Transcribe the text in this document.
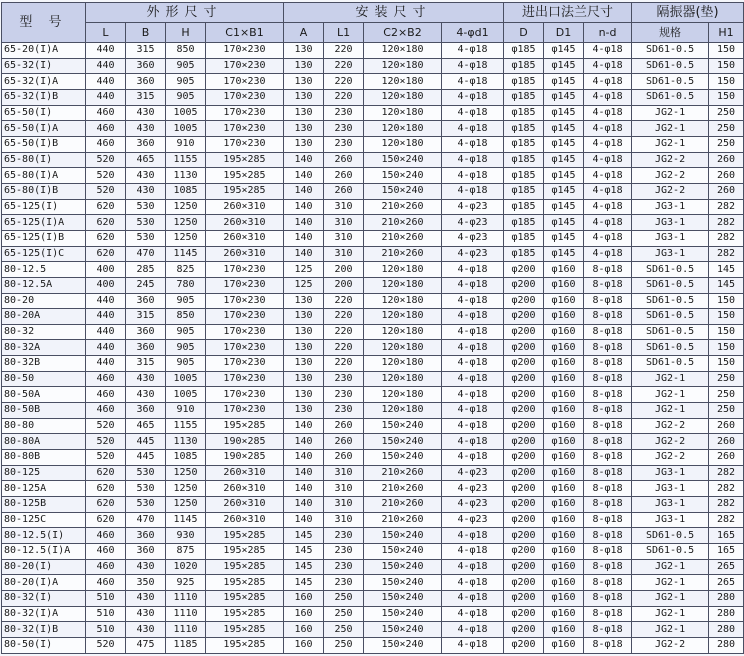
型 号	外形尺寸				安装尺寸				进出口法兰尺寸			隔振器(垫)	
	L	B	H	C1×B1	A	L1	C2×B2	4-φd1	D	D1	n-d	规格	H1
65-20(I)A	440	315	850	170×230	130	220	120×180	4-φ18	φ185	φ145	4-φ18	SD61-0.5	150
65-32(I)	440	360	905	170×230	130	220	120×180	4-φ18	φ185	φ145	4-φ18	SD61-0.5	150
65-32(I)A	440	360	905	170×230	130	220	120×180	4-φ18	φ185	φ145	4-φ18	SD61-0.5	150
65-32(I)B	440	315	905	170×230	130	220	120×180	4-φ18	φ185	φ145	4-φ18	SD61-0.5	150
65-50(I)	460	430	1005	170×230	130	230	120×180	4-φ18	φ185	φ145	4-φ18	JG2-1	250
65-50(I)A	460	430	1005	170×230	130	230	120×180	4-φ18	φ185	φ145	4-φ18	JG2-1	250
65-50(I)B	460	360	910	170×230	130	230	120×180	4-φ18	φ185	φ145	4-φ18	JG2-1	250
65-80(I)	520	465	1155	195×285	140	260	150×240	4-φ18	φ185	φ145	4-φ18	JG2-2	260
65-80(I)A	520	430	1130	195×285	140	260	150×240	4-φ18	φ185	φ145	4-φ18	JG2-2	260
65-80(I)B	520	430	1085	195×285	140	260	150×240	4-φ18	φ185	φ145	4-φ18	JG2-2	260
65-125(I)	620	530	1250	260×310	140	310	210×260	4-φ23	φ185	φ145	4-φ18	JG3-1	282
65-125(I)A	620	530	1250	260×310	140	310	210×260	4-φ23	φ185	φ145	4-φ18	JG3-1	282
65-125(I)B	620	530	1250	260×310	140	310	210×260	4-φ23	φ185	φ145	4-φ18	JG3-1	282
65-125(I)C	620	470	1145	260×310	140	310	210×260	4-φ23	φ185	φ145	4-φ18	JG3-1	282
80-12.5	400	285	825	170×230	125	200	120×180	4-φ18	φ200	φ160	8-φ18	SD61-0.5	145
80-12.5A	400	245	780	170×230	125	200	120×180	4-φ18	φ200	φ160	8-φ18	SD61-0.5	145
80-20	440	360	905	170×230	130	220	120×180	4-φ18	φ200	φ160	8-φ18	SD61-0.5	150
80-20A	440	315	850	170×230	130	220	120×180	4-φ18	φ200	φ160	8-φ18	SD61-0.5	150
80-32	440	360	905	170×230	130	220	120×180	4-φ18	φ200	φ160	8-φ18	SD61-0.5	150
80-32A	440	360	905	170×230	130	220	120×180	4-φ18	φ200	φ160	8-φ18	SD61-0.5	150
80-32B	440	315	905	170×230	130	220	120×180	4-φ18	φ200	φ160	8-φ18	SD61-0.5	150
80-50	460	430	1005	170×230	130	230	120×180	4-φ18	φ200	φ160	8-φ18	JG2-1	250
80-50A	460	430	1005	170×230	130	230	120×180	4-φ18	φ200	φ160	8-φ18	JG2-1	250
80-50B	460	360	910	170×230	130	230	120×180	4-φ18	φ200	φ160	8-φ18	JG2-1	250
80-80	520	465	1155	195×285	140	260	150×240	4-φ18	φ200	φ160	8-φ18	JG2-2	260
80-80A	520	445	1130	190×285	140	260	150×240	4-φ18	φ200	φ160	8-φ18	JG2-2	260
80-80B	520	445	1085	190×285	140	260	150×240	4-φ18	φ200	φ160	8-φ18	JG2-2	260
80-125	620	530	1250	260×310	140	310	210×260	4-φ23	φ200	φ160	8-φ18	JG3-1	282
80-125A	620	530	1250	260×310	140	310	210×260	4-φ23	φ200	φ160	8-φ18	JG3-1	282
80-125B	620	530	1250	260×310	140	310	210×260	4-φ23	φ200	φ160	8-φ18	JG3-1	282
80-125C	620	470	1145	260×310	140	310	210×260	4-φ23	φ200	φ160	8-φ18	JG3-1	282
80-12.5(I)	460	360	930	195×285	145	230	150×240	4-φ18	φ200	φ160	8-φ18	SD61-0.5	165
80-12.5(I)A	460	360	875	195×285	145	230	150×240	4-φ18	φ200	φ160	8-φ18	SD61-0.5	165
80-20(I)	460	430	1020	195×285	145	230	150×240	4-φ18	φ200	φ160	8-φ18	JG2-1	265
80-20(I)A	460	350	925	195×285	145	230	150×240	4-φ18	φ200	φ160	8-φ18	JG2-1	265
80-32(I)	510	430	1110	195×285	160	250	150×240	4-φ18	φ200	φ160	8-φ18	JG2-1	280
80-32(I)A	510	430	1110	195×285	160	250	150×240	4-φ18	φ200	φ160	8-φ18	JG2-1	280
80-32(I)B	510	430	1110	195×285	160	250	150×240	4-φ18	φ200	φ160	8-φ18	JG2-1	280
80-50(I)	520	475	1185	195×285	160	250	150×240	4-φ18	φ200	φ160	8-φ18	JG2-2	280
